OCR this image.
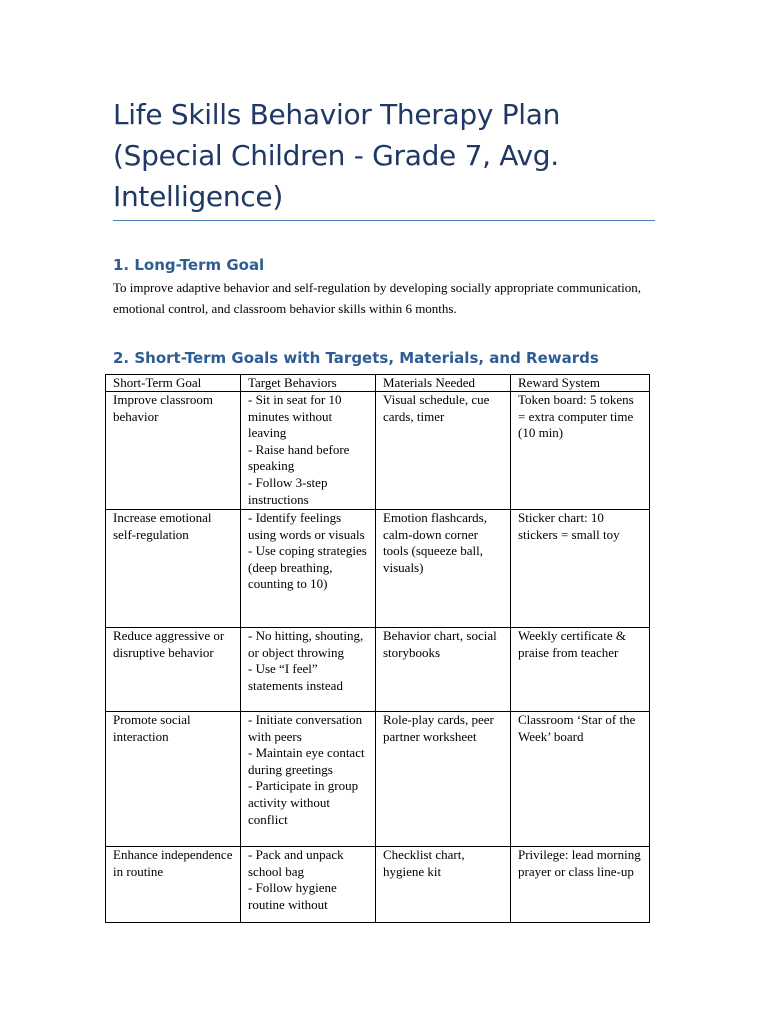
Life Skills Behavior Therapy Plan (Special Children - Grade 7, Avg. Intelligence)
1. Long-Term Goal

To improve adaptive behavior and self-regulation by developing socially appropriate communication, emotional control, and classroom behavior skills within 6 months.

2. Short-Term Goals with Targets, Materials, and Rewards
Short-Term Goal	Target Behaviors	Materials Needed	Reward System
Improve classroom behavior	- Sit in seat for 10 minutes without leaving
- Raise hand before speaking
- Follow 3-step instructions	Visual schedule, cue cards, timer	Token board: 5 tokens = extra computer time (10 min)
Increase emotional self-regulation	- Identify feelings using words or visuals
- Use coping strategies (deep breathing, counting to 10)	Emotion flashcards, calm-down corner tools (squeeze ball, visuals)	Sticker chart: 10 stickers = small toy
Reduce aggressive or disruptive behavior	- No hitting, shouting, or object throwing
- Use “I feel” statements instead	Behavior chart, social storybooks	Weekly certificate & praise from teacher
Promote social interaction	- Initiate conversation with peers
- Maintain eye contact during greetings
- Participate in group activity without conflict	Role-play cards, peer partner worksheet	Classroom ‘Star of the Week’ board
Enhance independence in routine	- Pack and unpack school bag
- Follow hygiene routine without	Checklist chart, hygiene kit	Privilege: lead morning prayer or class line-up
